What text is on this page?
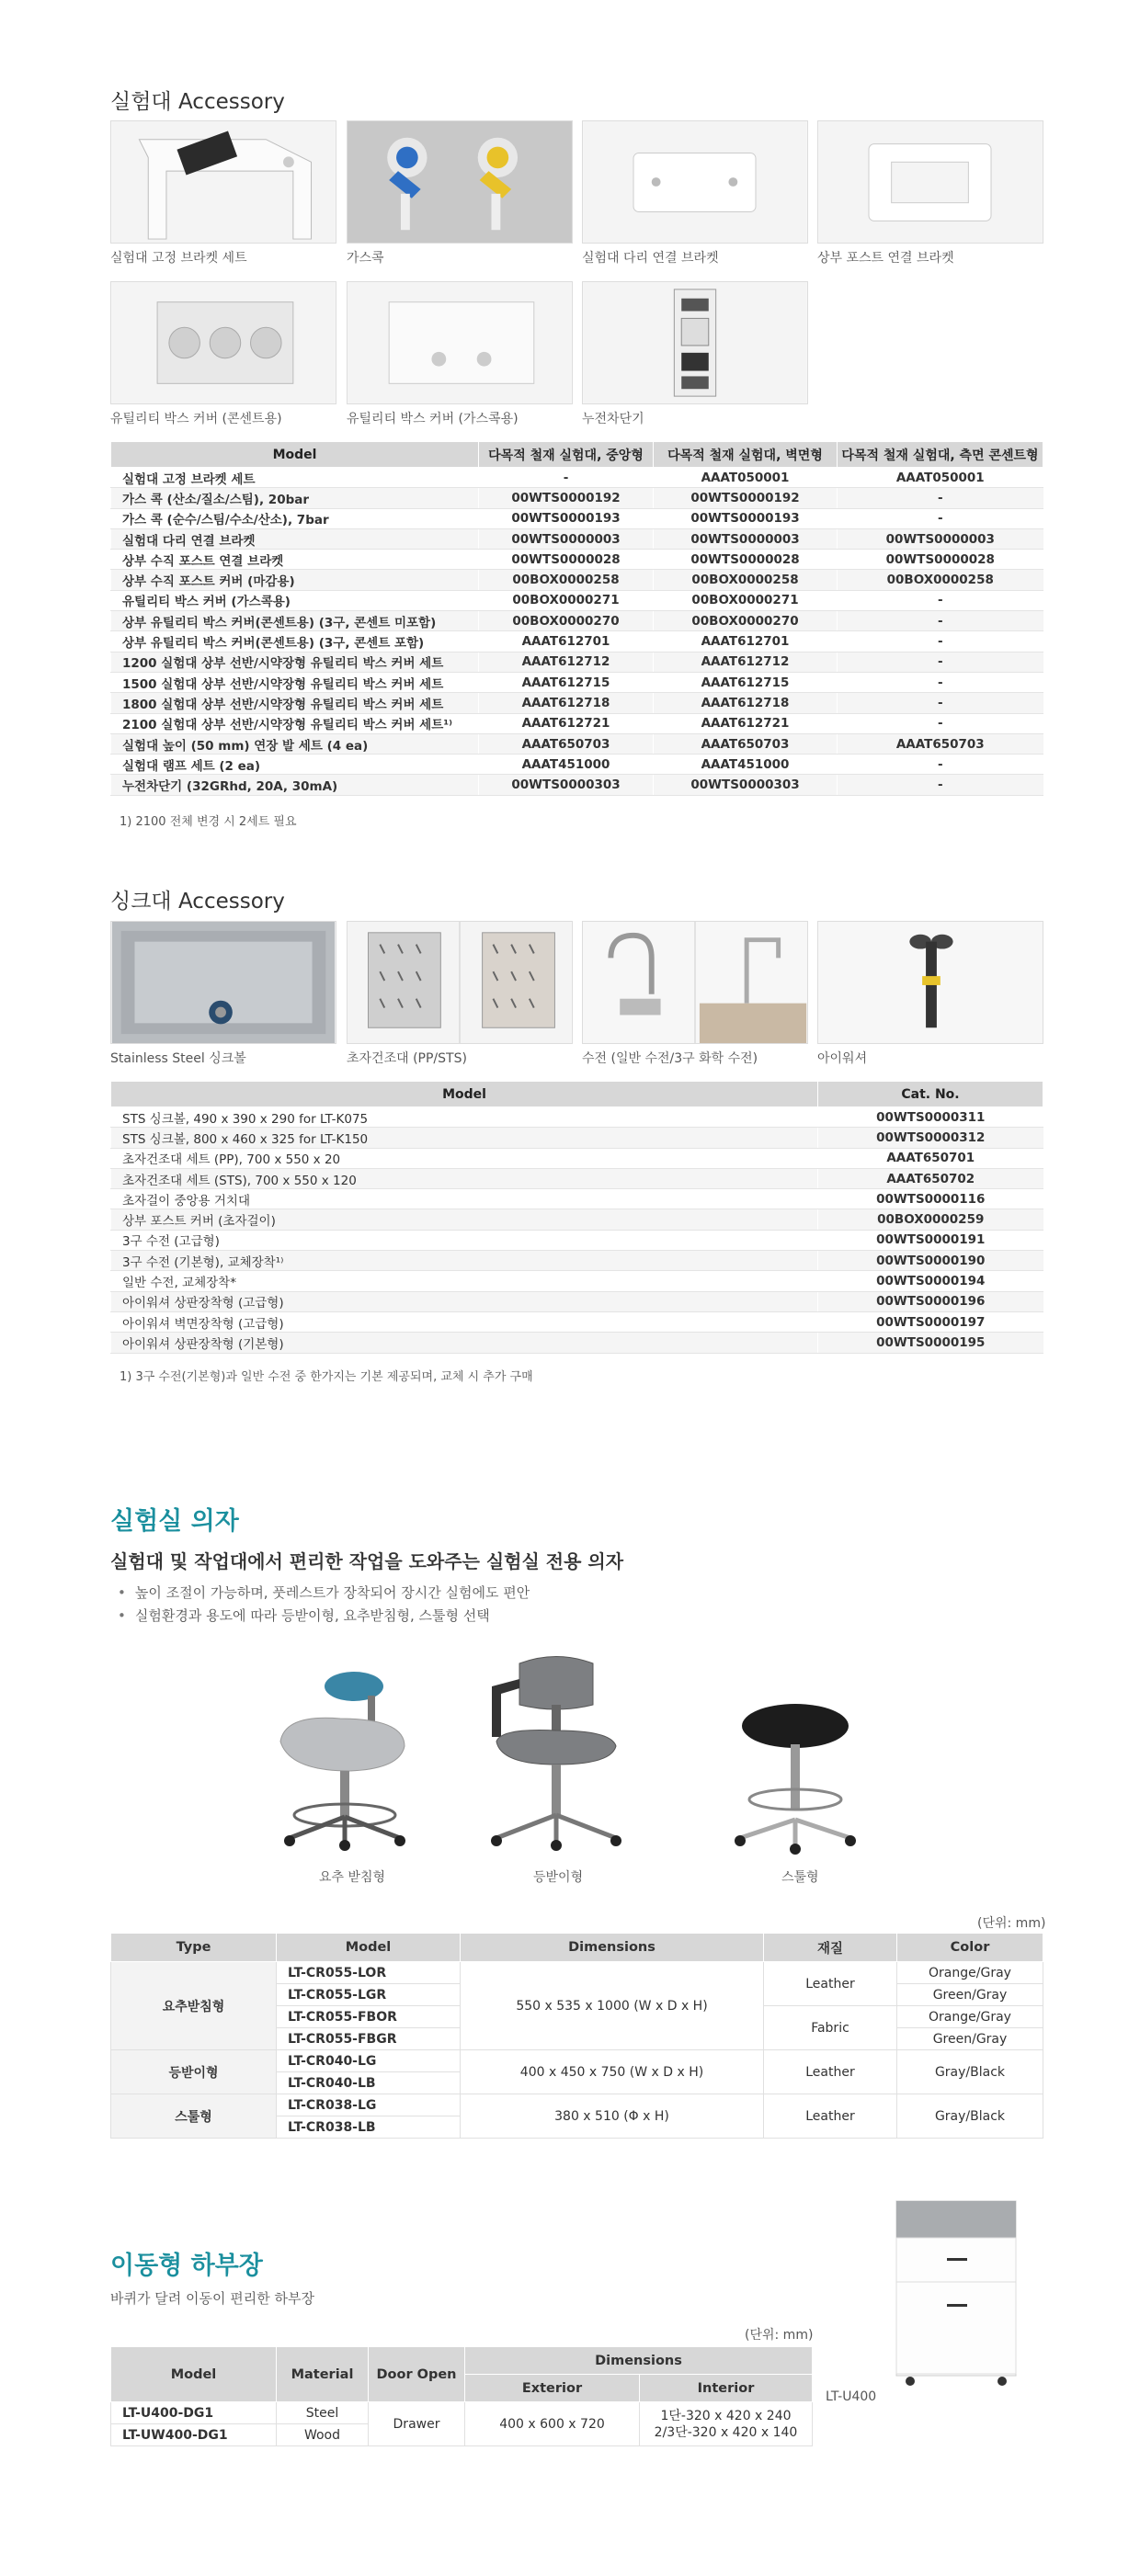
실험대 Accessory
실험대 고정 브라켓 세트	가스콕	실험대 다리 연결 브라켓	상부 포스트 연결 브라켓
유틸리티 박스 커버 (콘센트용)	유틸리티 박스 커버 (가스콕용)	누전차단기
Model	다목적 철재 실험대, 중앙형	다목적 철재 실험대, 벽면형	다목적 철재 실험대, 측면 콘센트형
실험대 고정 브라켓 세트	-	AAAT050001	AAAT050001
가스 콕 (산소/질소/스팀), 20bar	00WTS0000192	00WTS0000192	-
가스 콕 (순수/스팀/수소/산소), 7bar	00WTS0000193	00WTS0000193	-
실험대 다리 연결 브라켓	00WTS0000003	00WTS0000003	00WTS0000003
상부 수직 포스트 연결 브라켓	00WTS0000028	00WTS0000028	00WTS0000028
상부 수직 포스트 커버 (마감용)	00BOX0000258	00BOX0000258	00BOX0000258
유틸리티 박스 커버 (가스콕용)	00BOX0000271	00BOX0000271	-
상부 유틸리티 박스 커버(콘센트용) (3구, 콘센트 미포함)	00BOX0000270	00BOX0000270	-
상부 유틸리티 박스 커버(콘센트용) (3구, 콘센트 포함)	AAAT612701	AAAT612701	-
1200 실험대 상부 선반/시약장형 유틸리티 박스 커버 세트	AAAT612712	AAAT612712	-
1500 실험대 상부 선반/시약장형 유틸리티 박스 커버 세트	AAAT612715	AAAT612715	-
1800 실험대 상부 선반/시약장형 유틸리티 박스 커버 세트	AAAT612718	AAAT612718	-
2100 실험대 상부 선반/시약장형 유틸리티 박스 커버 세트¹⁾	AAAT612721	AAAT612721	-
실험대 높이 (50 mm) 연장 발 세트 (4 ea)	AAAT650703	AAAT650703	AAAT650703
실험대 램프 세트 (2 ea)	AAAT451000	AAAT451000	-
누전차단기 (32GRhd, 20A, 30mA)	00WTS0000303	00WTS0000303	-
1) 2100 전체 변경 시 2세트 필요
싱크대 Accessory
Stainless Steel 싱크볼	초자건조대 (PP/STS)	수전 (일반 수전/3구 화학 수전)	아이워셔
Model	Cat. No.
STS 싱크볼, 490 x 390 x 290 for LT-K075	00WTS0000311
STS 싱크볼, 800 x 460 x 325 for LT-K150	00WTS0000312
초자건조대 세트 (PP), 700 x 550 x 20	AAAT650701
초자건조대 세트 (STS), 700 x 550 x 120	AAAT650702
초자걸이 중앙용 거치대	00WTS0000116
상부 포스트 커버 (초자걸이)	00BOX0000259
3구 수전 (고급형)	00WTS0000191
3구 수전 (기본형), 교체장착¹⁾	00WTS0000190
일반 수전, 교체장착*	00WTS0000194
아이워셔 상판장착형 (고급형)	00WTS0000196
아이워셔 벽면장착형 (고급형)	00WTS0000197
아이워셔 상판장착형 (기본형)	00WTS0000195
1) 3구 수전(기본형)과 일반 수전 중 한가지는 기본 제공되며, 교체 시 추가 구매
실험실 의자
실험대 및 작업대에서 편리한 작업을 도와주는 실험실 전용 의자
• 높이 조절이 가능하며, 풋레스트가 장착되어 장시간 실험에도 편안
• 실험환경과 용도에 따라 등받이형, 요추받침형, 스툴형 선택
요추 받침형	등받이형	스툴형
(단위: mm)
Type	Model	Dimensions	재질	Color
요추받침형	LT-CR055-LOR	550 x 535 x 1000 (W x D x H)	Leather	Orange/Gray
	LT-CR055-LGR			Green/Gray
	LT-CR055-FBOR		Fabric	Orange/Gray
	LT-CR055-FBGR			Green/Gray
등받이형	LT-CR040-LG	400 x 450 x 750 (W x D x H)	Leather	Gray/Black
	LT-CR040-LB			
스툴형	LT-CR038-LG	380 x 510 (Φ x H)	Leather	Gray/Black
	LT-CR038-LB			
이동형 하부장
바퀴가 달려 이동이 편리한 하부장
(단위: mm)
Model	Material	Door Open	Dimensions	
			Exterior	Interior
LT-U400-DG1	Steel	Drawer	400 x 600 x 720	1단-320 x 420 x 240
2/3단-320 x 420 x 140

LT-UW400-DG1	Wood			
LT-U400
